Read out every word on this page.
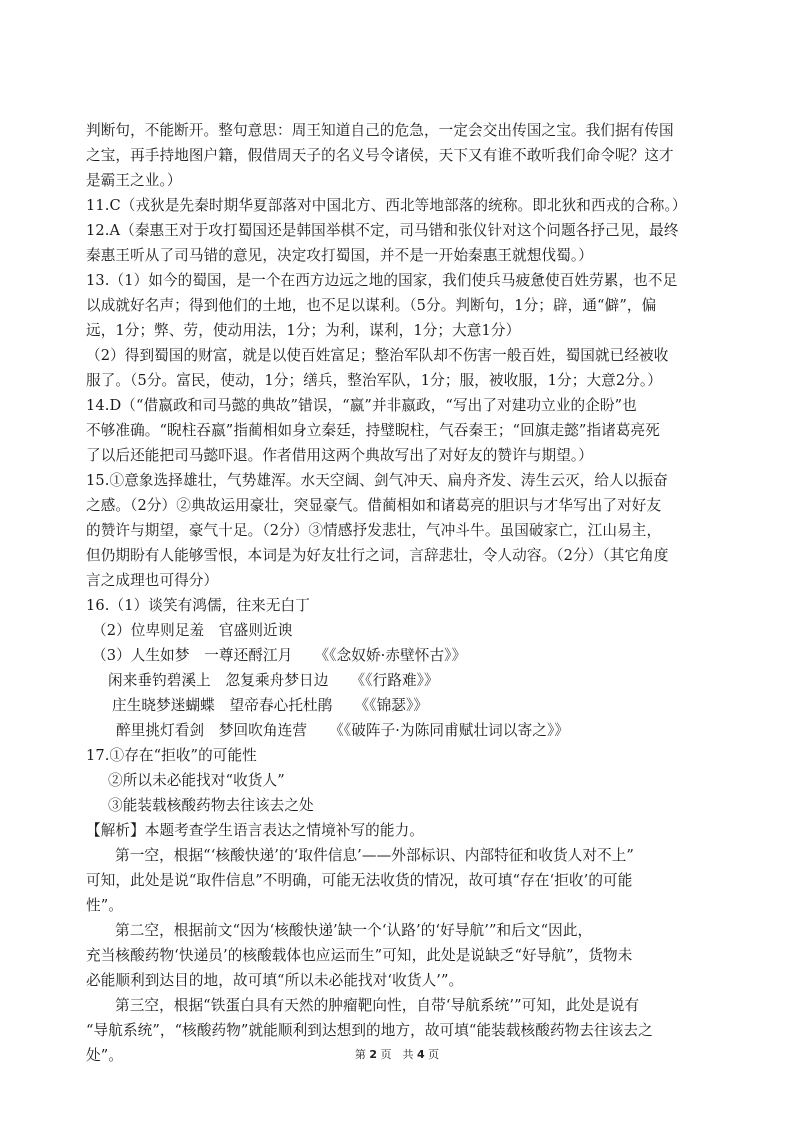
判断句，不能断开。整句意思：周王知道自己的危急，一定会交出传国之宝。我们据有传国
之宝，再手持地图户籍，假借周天子的名义号令诸侯，天下又有谁不敢听我们命令呢？这才
是霸王之业。）
11.C（戎狄是先秦时期华夏部落对中国北方、西北等地部落的统称。即北狄和西戎的合称。）
12.A（秦惠王对于攻打蜀国还是韩国举棋不定，司马错和张仪针对这个问题各抒己见，最终
秦惠王听从了司马错的意见，决定攻打蜀国，并不是一开始秦惠王就想伐蜀。）
13.（1）如今的蜀国，是一个在西方边远之地的国家，我们使兵马疲惫使百姓劳累，也不足
以成就好名声；得到他们的土地，也不足以谋利。（5分。判断句，1分；辟，通“僻”，偏
远，1分；弊、劳，使动用法，1分；为利，谋利，1分；大意1分）
（2）得到蜀国的财富，就是以使百姓富足；整治军队却不伤害一般百姓，蜀国就已经被收
服了。（5分。富民，使动，1分；缮兵，整治军队，1分；服，被收服，1分；大意2分。）
14.D（“借嬴政和司马懿的典故”错误，“嬴”并非嬴政，“写出了对建功立业的企盼”也
不够准确。“睨柱吞嬴”指蔺相如身立秦廷，持璧睨柱，气吞秦王；“回旗走懿”指诸葛亮死
了以后还能把司马懿吓退。作者借用这两个典故写出了对好友的赞许与期望。）
15.①意象选择雄壮，气势雄浑。水天空阔、剑气冲天、扁舟齐发、涛生云灭，给人以振奋
之感。（2分）②典故运用豪壮，突显豪气。借蔺相如和诸葛亮的胆识与才华写出了对好友
的赞许与期望，豪气十足。（2分）③情感抒发悲壮，气冲斗牛。虽国破家亡，江山易主，
但仍期盼有人能够雪恨，本词是为好友壮行之词，言辞悲壮，令人动容。（2分）（其它角度
言之成理也可得分）
16.（1）谈笑有鸿儒，往来无白丁
（2）位卑则足羞　官盛则近谀
（3）人生如梦　一尊还酹江月　　《《念奴娇·赤壁怀古》》
闲来垂钓碧溪上　忽复乘舟梦日边　　《《行路难》》
庄生晓梦迷蝴蝶　望帝春心托杜鹃　　《《锦瑟》》
醉里挑灯看剑　梦回吹角连营　　《《破阵子·为陈同甫赋壮词以寄之》》
17.①存在“拒收”的可能性
②所以未必能找对“收货人”
③能装载核酸药物去往该去之处
【解析】本题考查学生语言表达之情境补写的能力。
第一空，根据“‘核酸快递’的‘取件信息’——外部标识、内部特征和收货人对不上”
可知，此处是说“取件信息”不明确，可能无法收货的情况，故可填“存在‘拒收’的可能
性”。
第二空，根据前文“因为‘核酸快递’缺一个‘认路’的‘好导航’”和后文“因此，
充当核酸药物‘快递员’的核酸载体也应运而生”可知，此处是说缺乏“好导航”，货物未
必能顺利到达目的地，故可填“所以未必能找对‘收货人’”。
第三空，根据“铁蛋白具有天然的肿瘤靶向性，自带‘导航系统’”可知，此处是说有
“导航系统”，“核酸药物”就能顺利到达想到的地方，故可填“能装载核酸药物去往该去之
处”。	第 2 页　共 4 页
